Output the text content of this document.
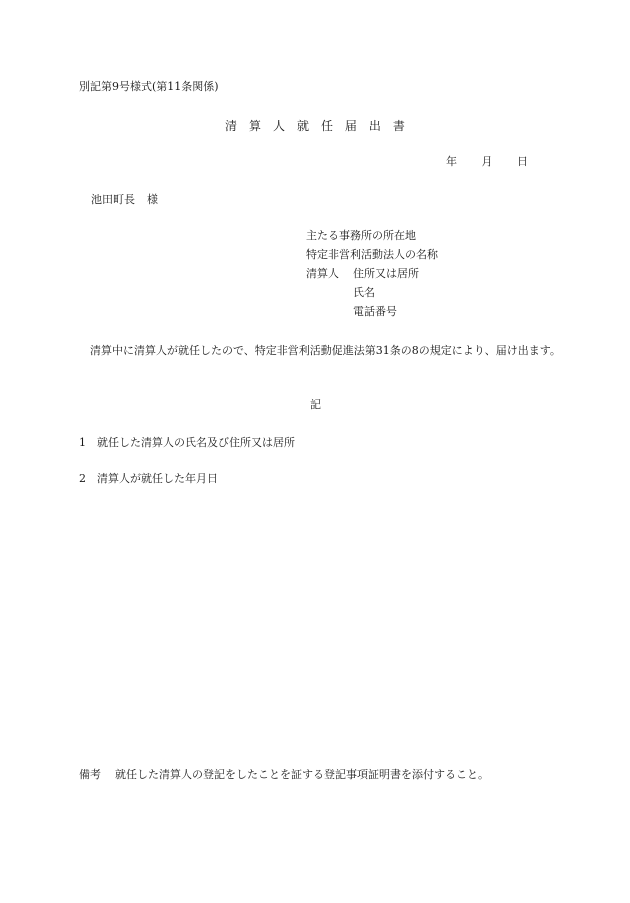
別記第9号様式(第11条関係)
清 算 人 就 任 届 出 書
年 月 日
池田町長 様
主たる事務所の所在地
特定非営利活動法人の名称
清算人 住所又は居所
氏名
電話番号
清算中に清算人が就任したので、特定非営利活動促進法第31条の8の規定により、届け出ます。
記
1 就任した清算人の氏名及び住所又は居所
2 清算人が就任した年月日
備考 就任した清算人の登記をしたことを証する登記事項証明書を添付すること。
